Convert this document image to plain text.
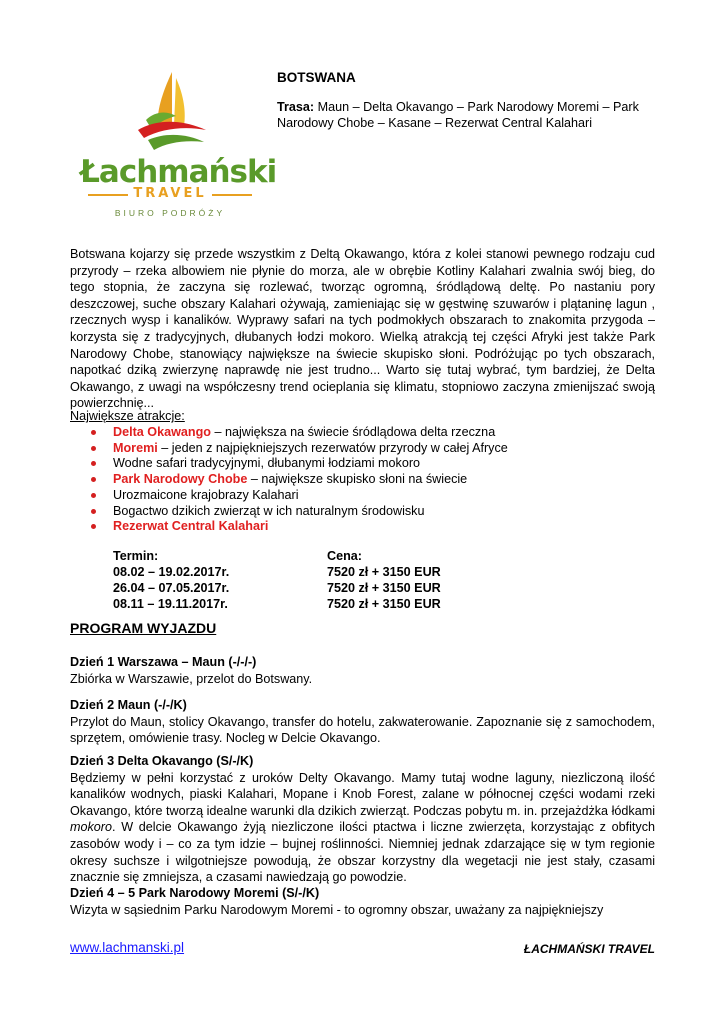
Łachmański
TRAVEL
BIURO PODRÓŻY
BOTSWANA
Trasa: Maun – Delta Okavango – Park Narodowy Moremi – Park Narodowy Chobe – Kasane – Rezerwat Central Kalahari

Botswana kojarzy się przede wszystkim z Deltą Okawango, która z kolei stanowi pewnego rodzaju cud przyrody – rzeka albowiem nie płynie do morza, ale w obrębie Kotliny Kalahari zwalnia swój bieg, do tego stopnia, że zaczyna się rozlewać, tworząc ogromną, śródlądową deltę. Po nastaniu pory deszczowej, suche obszary Kalahari ożywają, zamieniając się w gęstwinę szuwarów i plątaninę lagun , rzecznych wysp i kanalików. Wyprawy safari na tych podmokłych obszarach to znakomita przygoda – korzysta się z tradycyjnych, dłubanych łodzi mokoro. Wielką atrakcją tej części Afryki jest także Park Narodowy Chobe, stanowiący największe na świecie skupisko słoni. Podróżując po tych obszarach, napotkać dziką zwierzynę naprawdę nie jest trudno... Warto się tutaj wybrać, tym bardziej, że Delta Okawango, z uwagi na współczesny trend ocieplania się klimatu, stopniowo zaczyna zmienijszać swoją powierzchnię...

Największe atrakcje:
Delta Okawango – największa na świecie śródlądowa delta rzeczna
Moremi – jeden z najpiękniejszych rezerwatów przyrody w całej Afryce
Wodne safari tradycyjnymi, dłubanymi łodziami mokoro
Park Narodowy Chobe – największe skupisko słoni na świecie
Urozmaicone krajobrazy Kalahari
Bogactwo dzikich zwierząt w ich naturalnym środowisku
Rezerwat Central Kalahari
Termin:
08.02 – 19.02.2017r.
26.04 – 07.05.2017r.
08.11 – 19.11.2017r.
Cena:
7520 zł + 3150 EUR
7520 zł + 3150 EUR
7520 zł + 3150 EUR
PROGRAM WYJAZDU
Dzień 1 Warszawa – Maun (-/-/-)
Zbiórka w Warszawie, przelot do Botswany.
Dzień 2 Maun (-/-/K)
Przylot do Maun, stolicy Okavango, transfer do hotelu, zakwaterowanie. Zapoznanie się z samochodem, sprzętem, omówienie trasy. Nocleg w Delcie Okavango.
Dzień 3 Delta Okavango (S/-/K)
Będziemy w pełni korzystać z uroków Delty Okavango. Mamy tutaj wodne laguny, niezliczoną ilość kanalików wodnych, piaski Kalahari, Mopane i Knob Forest, zalane w północnej części wodami rzeki Okavango, które tworzą idealne warunki dla dzikich zwierząt. Podczas pobytu m. in. przejażdżka łódkami mokoro. W delcie Okawango żyją niezliczone ilości ptactwa i liczne zwierzęta, korzystając z obfitych zasobów wody i – co za tym idzie – bujnej roślinności. Niemniej jednak zdarzające się w tym regionie okresy suchsze i wilgotniejsze powodują, że obszar korzystny dla wegetacji nie jest stały, czasami znacznie się zmniejsza, a czasami nawiedzają go powodzie.
Dzień 4 – 5 Park Narodowy Moremi (S/-/K)
Wizyta w sąsiednim Parku Narodowym Moremi - to ogromny obszar, uważany za najpiękniejszy
www.lachmanski.pl	ŁACHMAŃSKI TRAVEL
